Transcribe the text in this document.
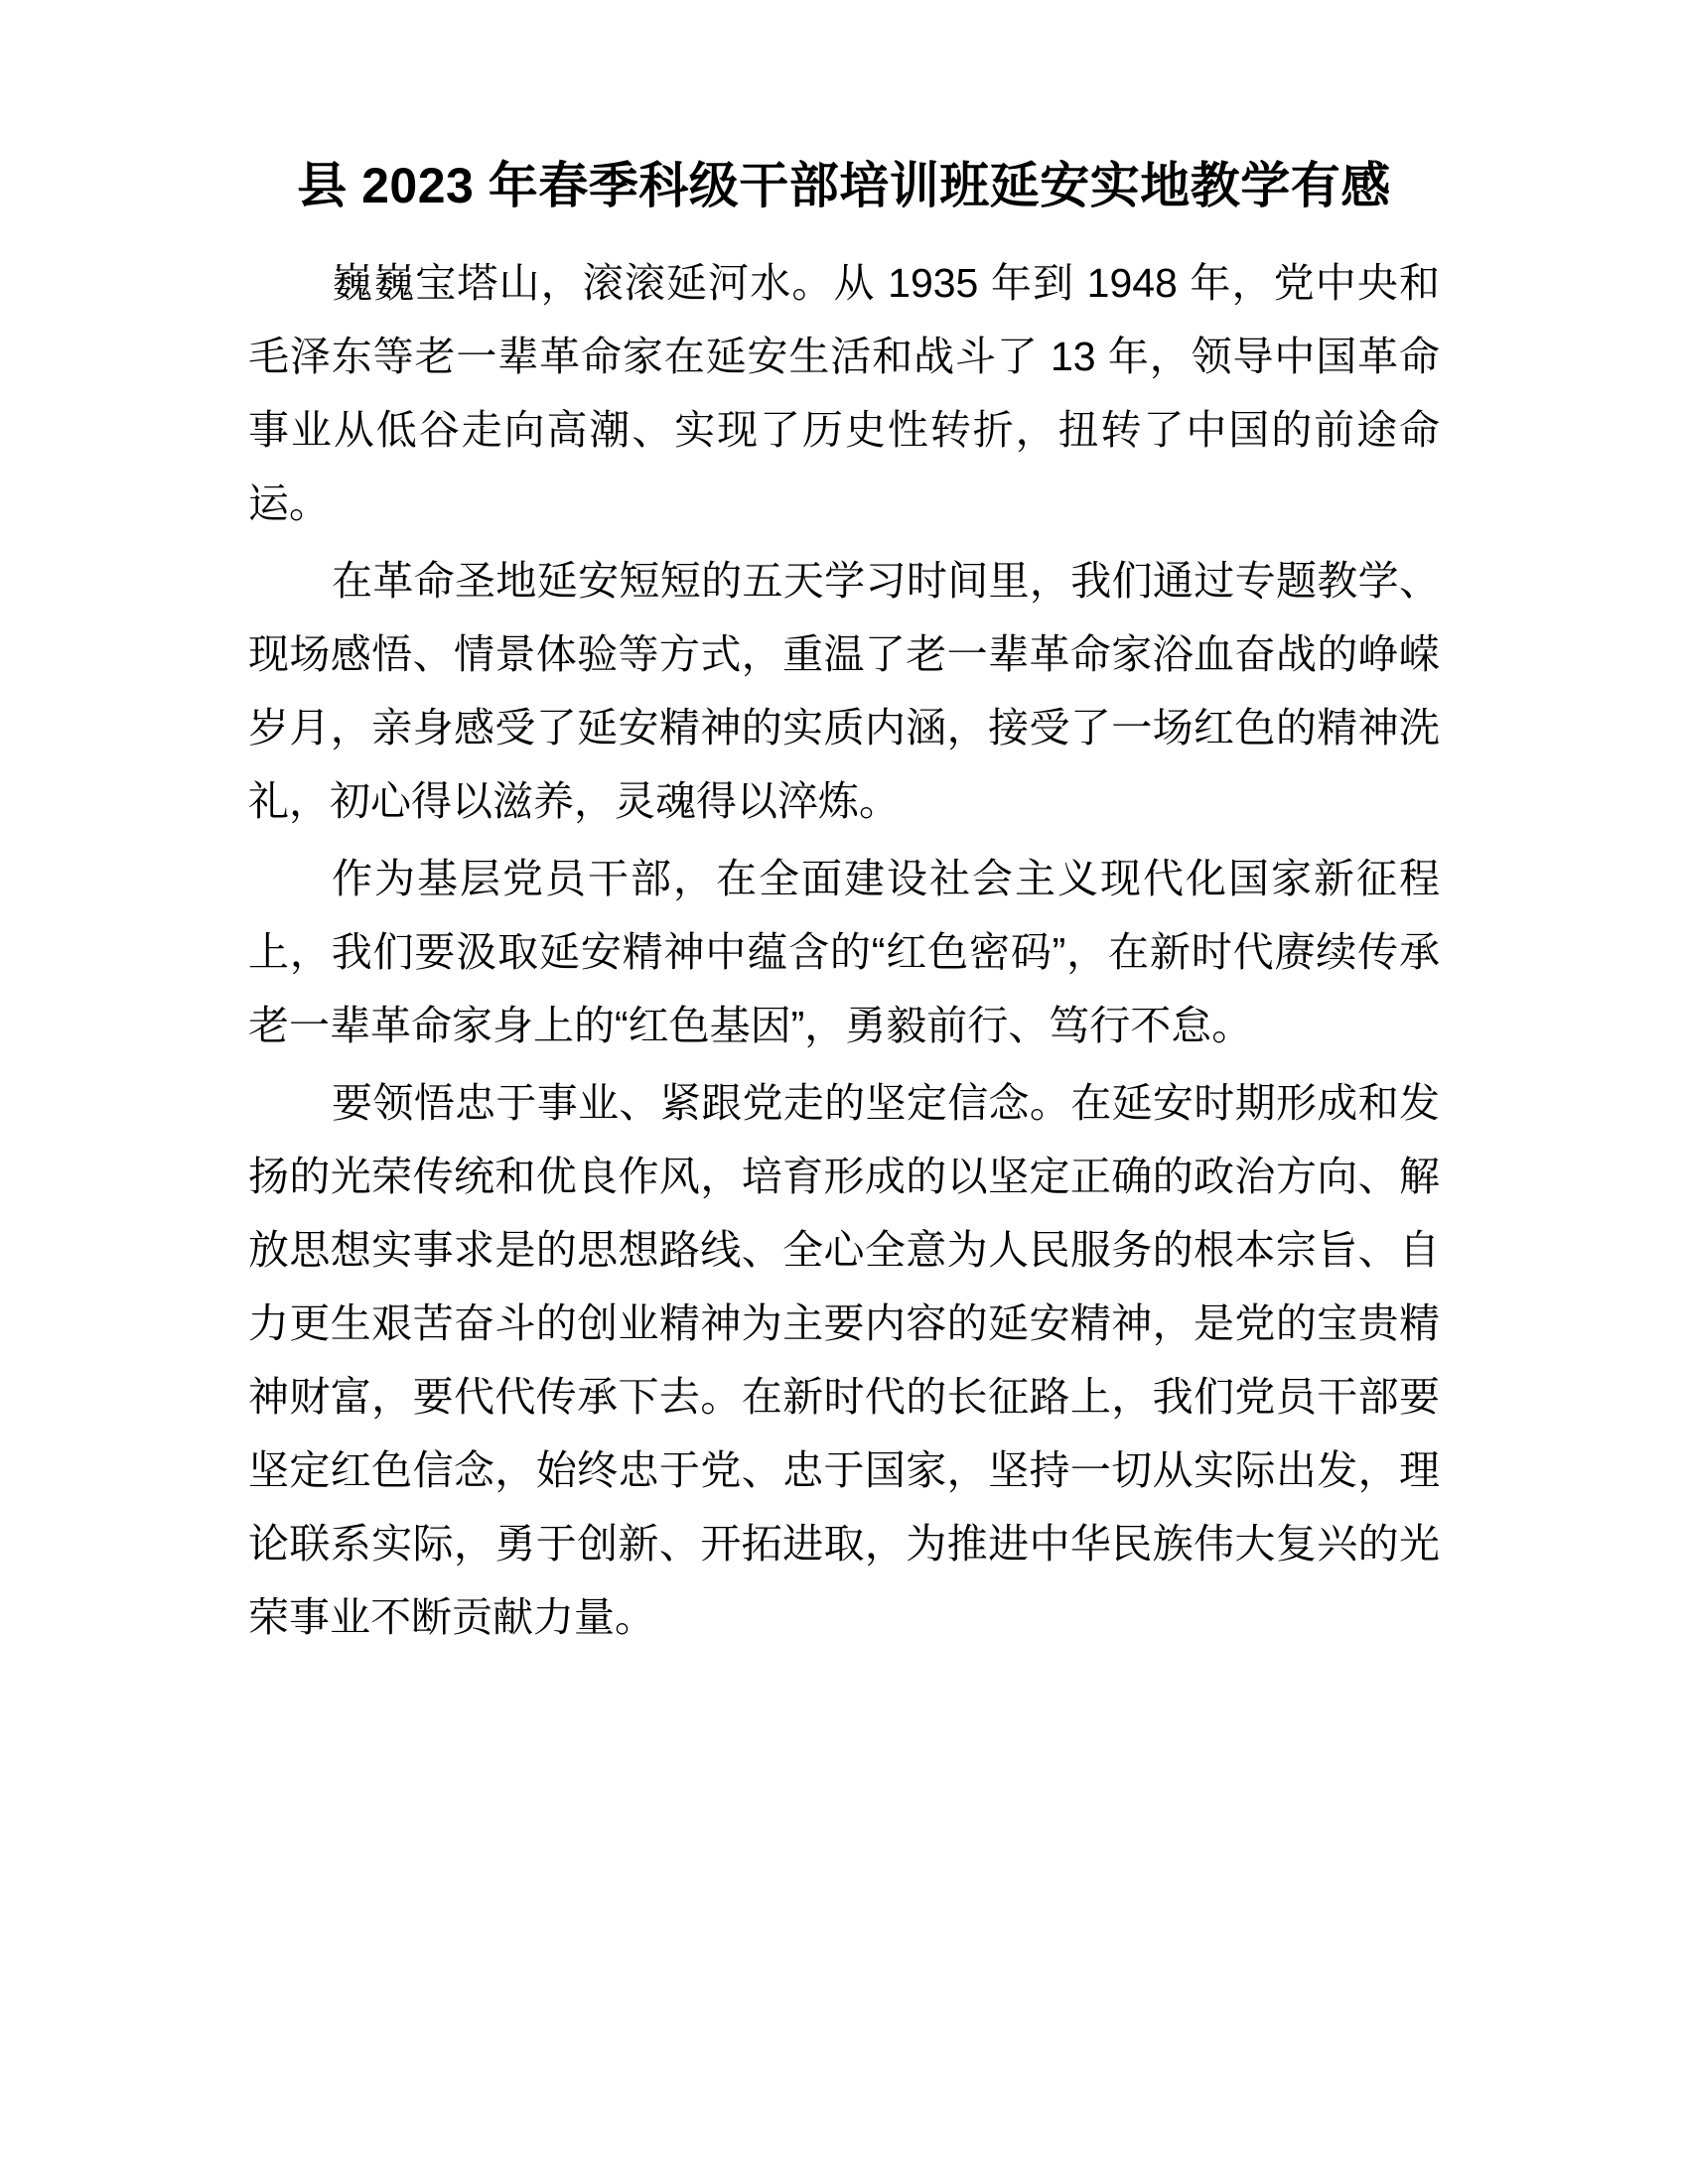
县 2023 年春季科级干部培训班延安实地教学有感

巍巍宝塔山，滚滚延河水。从 1935 年到 1948 年，党中央和毛泽东等老一辈革命家在延安生活和战斗了 13 年，领导中国革命事业从低谷走向高潮、实现了历史性转折，扭转了中国的前途命运。

在革命圣地延安短短的五天学习时间里，我们通过专题教学、现场感悟、情景体验等方式，重温了老一辈革命家浴血奋战的峥嵘岁月，亲身感受了延安精神的实质内涵，接受了一场红色的精神洗礼，初心得以滋养，灵魂得以淬炼。

作为基层党员干部，在全面建设社会主义现代化国家新征程上，我们要汲取延安精神中蕴含的“红色密码”，在新时代赓续传承老一辈革命家身上的“红色基因”，勇毅前行、笃行不怠。

要领悟忠于事业、紧跟党走的坚定信念。在延安时期形成和发扬的光荣传统和优良作风，培育形成的以坚定正确的政治方向、解放思想实事求是的思想路线、全心全意为人民服务的根本宗旨、自力更生艰苦奋斗的创业精神为主要内容的延安精神，是党的宝贵精神财富，要代代传承下去。在新时代的长征路上，我们党员干部要坚定红色信念，始终忠于党、忠于国家，坚持一切从实际出发，理论联系实际，勇于创新、开拓进取，为推进中华民族伟大复兴的光荣事业不断贡献力量。
